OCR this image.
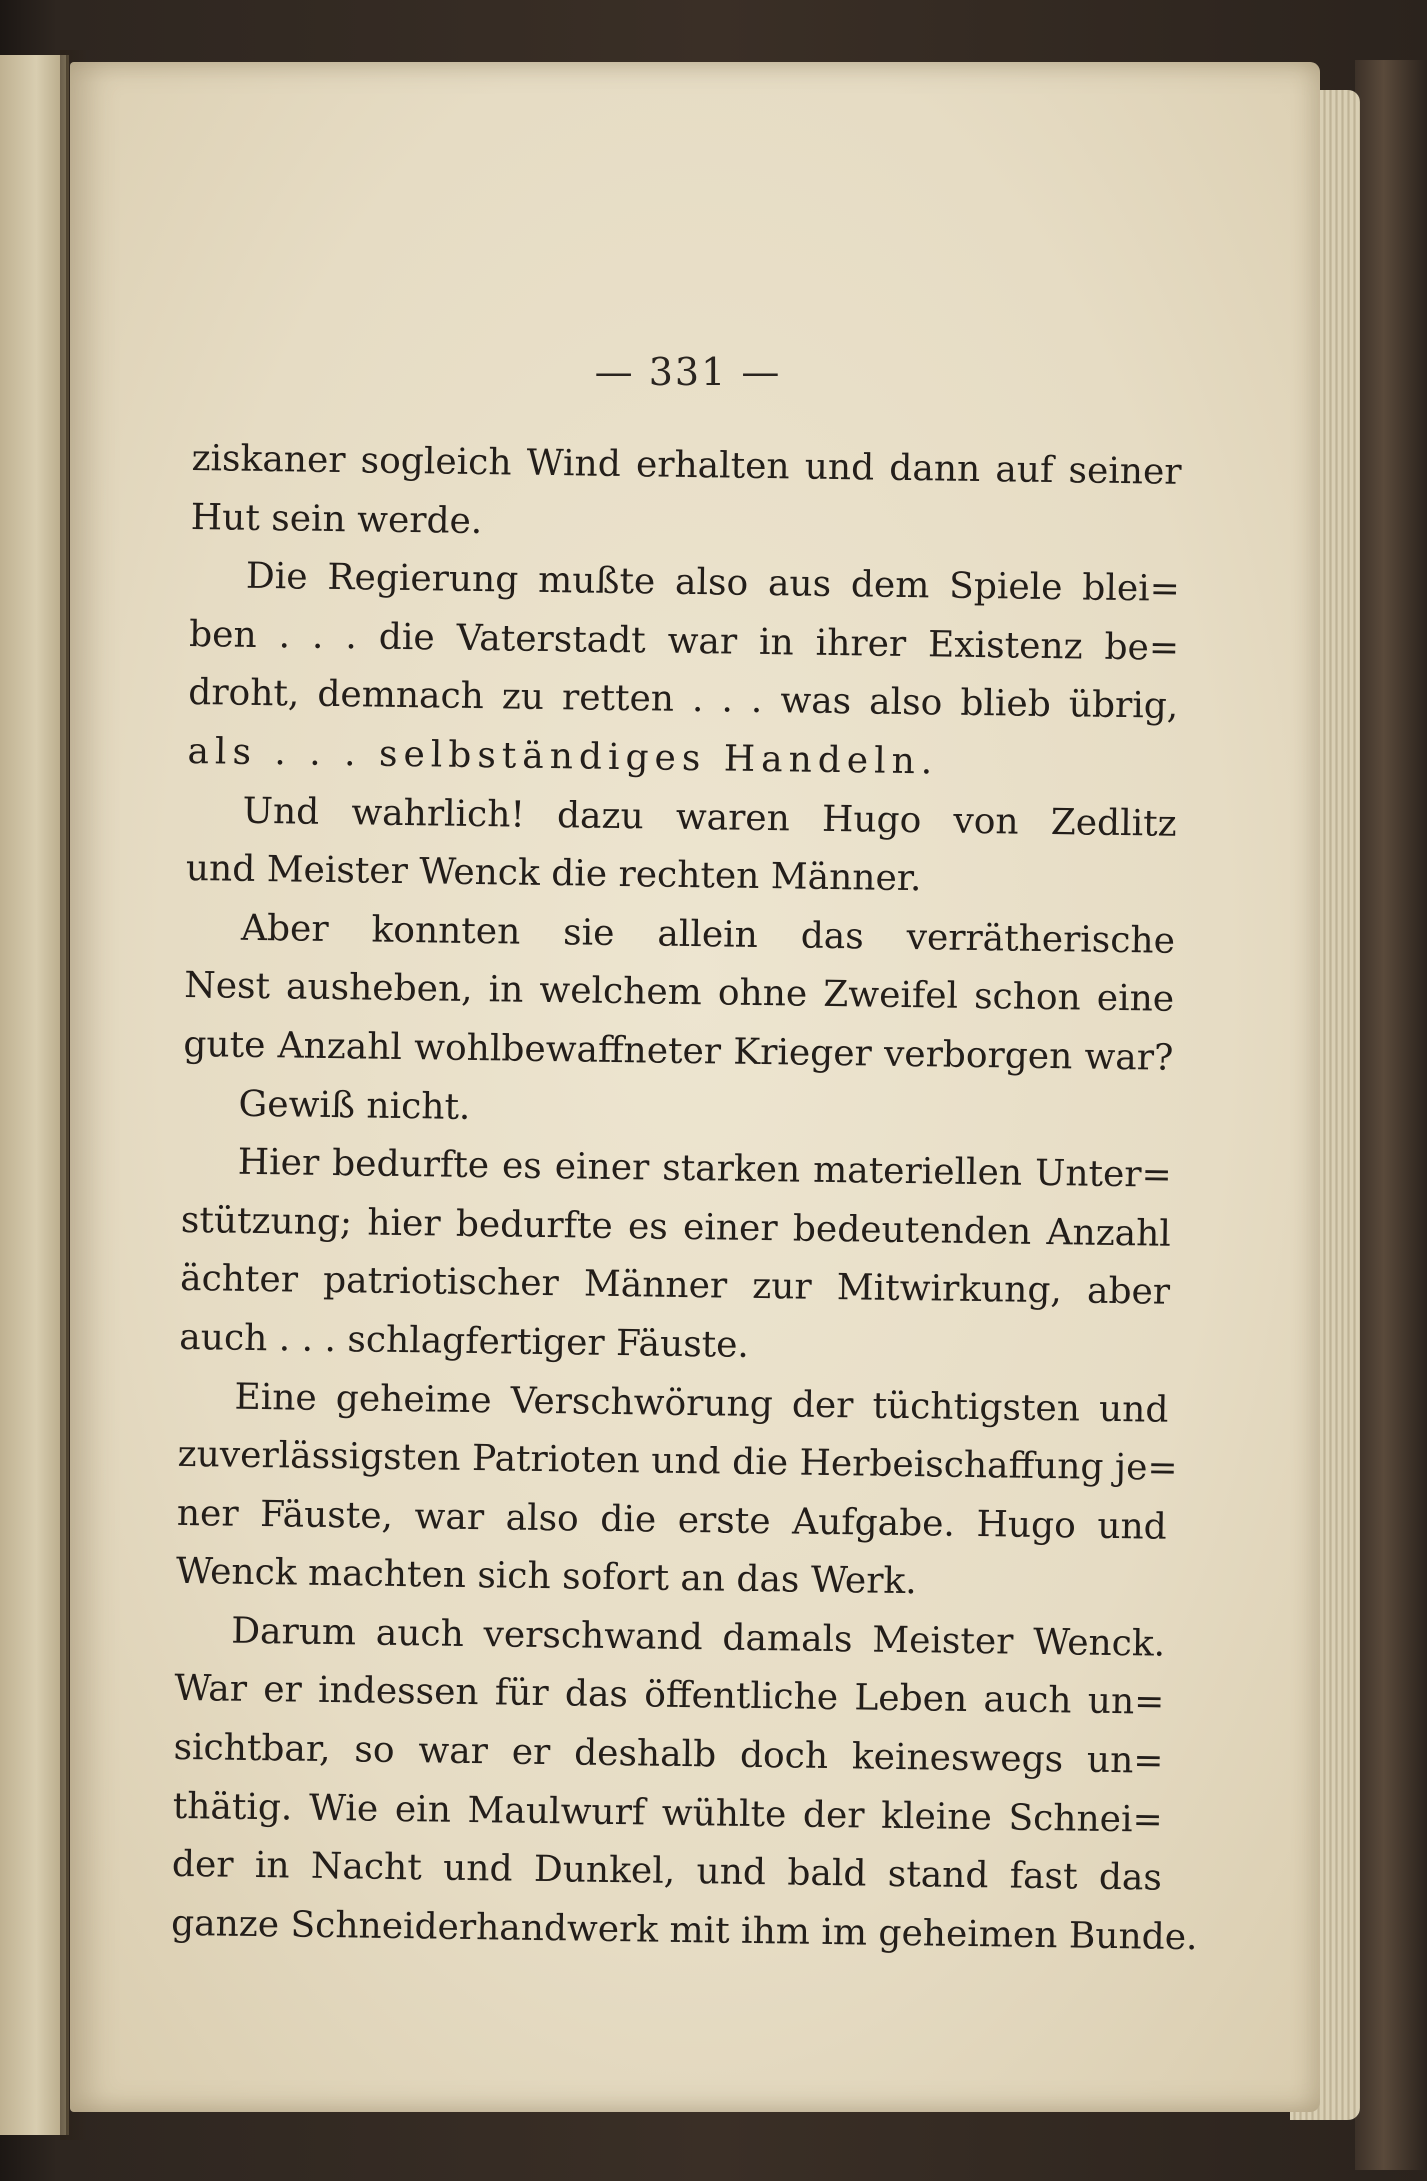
— 331 —
ziskaner sogleich Wind erhalten und dann auf seiner
Hut sein werde.
Die Regierung mußte also aus dem Spiele blei=
ben . . . die Vaterstadt war in ihrer Existenz be=
droht, demnach zu retten . . . was also blieb übrig,
als . . . selbständiges Handeln.
Und wahrlich! dazu waren Hugo von Zedlitz
und Meister Wenck die rechten Männer.
Aber konnten sie allein das verrätherische
Nest ausheben, in welchem ohne Zweifel schon eine
gute Anzahl wohlbewaffneter Krieger verborgen war?
Gewiß nicht.
Hier bedurfte es einer starken materiellen Unter=
stützung; hier bedurfte es einer bedeutenden Anzahl
ächter patriotischer Männer zur Mitwirkung, aber
auch . . . schlagfertiger Fäuste.
Eine geheime Verschwörung der tüchtigsten und
zuverlässigsten Patrioten und die Herbeischaffung je=
ner Fäuste, war also die erste Aufgabe. Hugo und
Wenck machten sich sofort an das Werk.
Darum auch verschwand damals Meister Wenck.
War er indessen für das öffentliche Leben auch un=
sichtbar, so war er deshalb doch keineswegs un=
thätig. Wie ein Maulwurf wühlte der kleine Schnei=
der in Nacht und Dunkel, und bald stand fast das
ganze Schneiderhandwerk mit ihm im geheimen Bunde.
